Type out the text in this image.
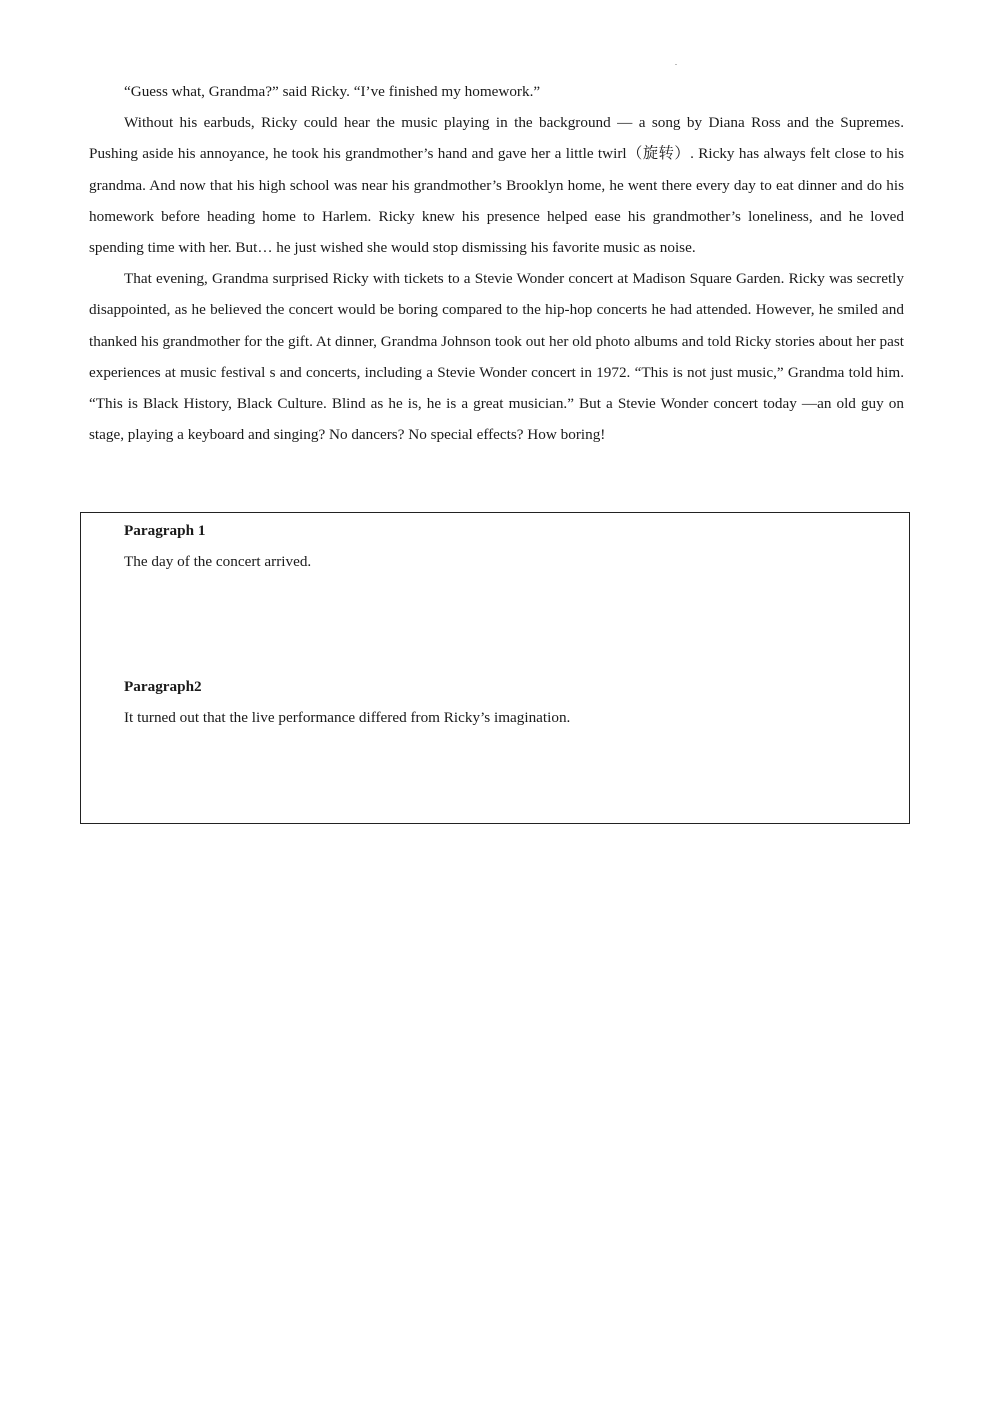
“Guess what, Grandma?” said Ricky. “I’ve finished my homework.”

Without his earbuds, Ricky could hear the music playing in the background — a song by Diana Ross and the Supremes. Pushing aside his annoyance, he took his grandmother’s hand and gave her a little twirl（旋转）. Ricky has always felt close to his grandma. And now that his high school was near his grandmother’s Brooklyn home, he went there every day to eat dinner and do his homework before heading home to Harlem. Ricky knew his presence helped ease his grandmother’s loneliness, and he loved spending time with her. But… he just wished she would stop dismissing his favorite music as noise.

That evening, Grandma surprised Ricky with tickets to a Stevie Wonder concert at Madison Square Garden. Ricky was secretly disappointed, as he believed the concert would be boring compared to the hip-hop concerts he had attended. However, he smiled and thanked his grandmother for the gift. At dinner, Grandma Johnson took out her old photo albums and told Ricky stories about her past experiences at music festival s and concerts, including a Stevie Wonder concert in 1972. “This is not just music,” Grandma told him. “This is Black History, Black Culture. Blind as he is, he is a great musician.” But a Stevie Wonder concert today —an old guy on stage, playing a keyboard and singing? No dancers? No special effects? How boring!

Paragraph 1

The day of the concert arrived.

Paragraph2

It turned out that the live performance differed from Ricky’s imagination.
